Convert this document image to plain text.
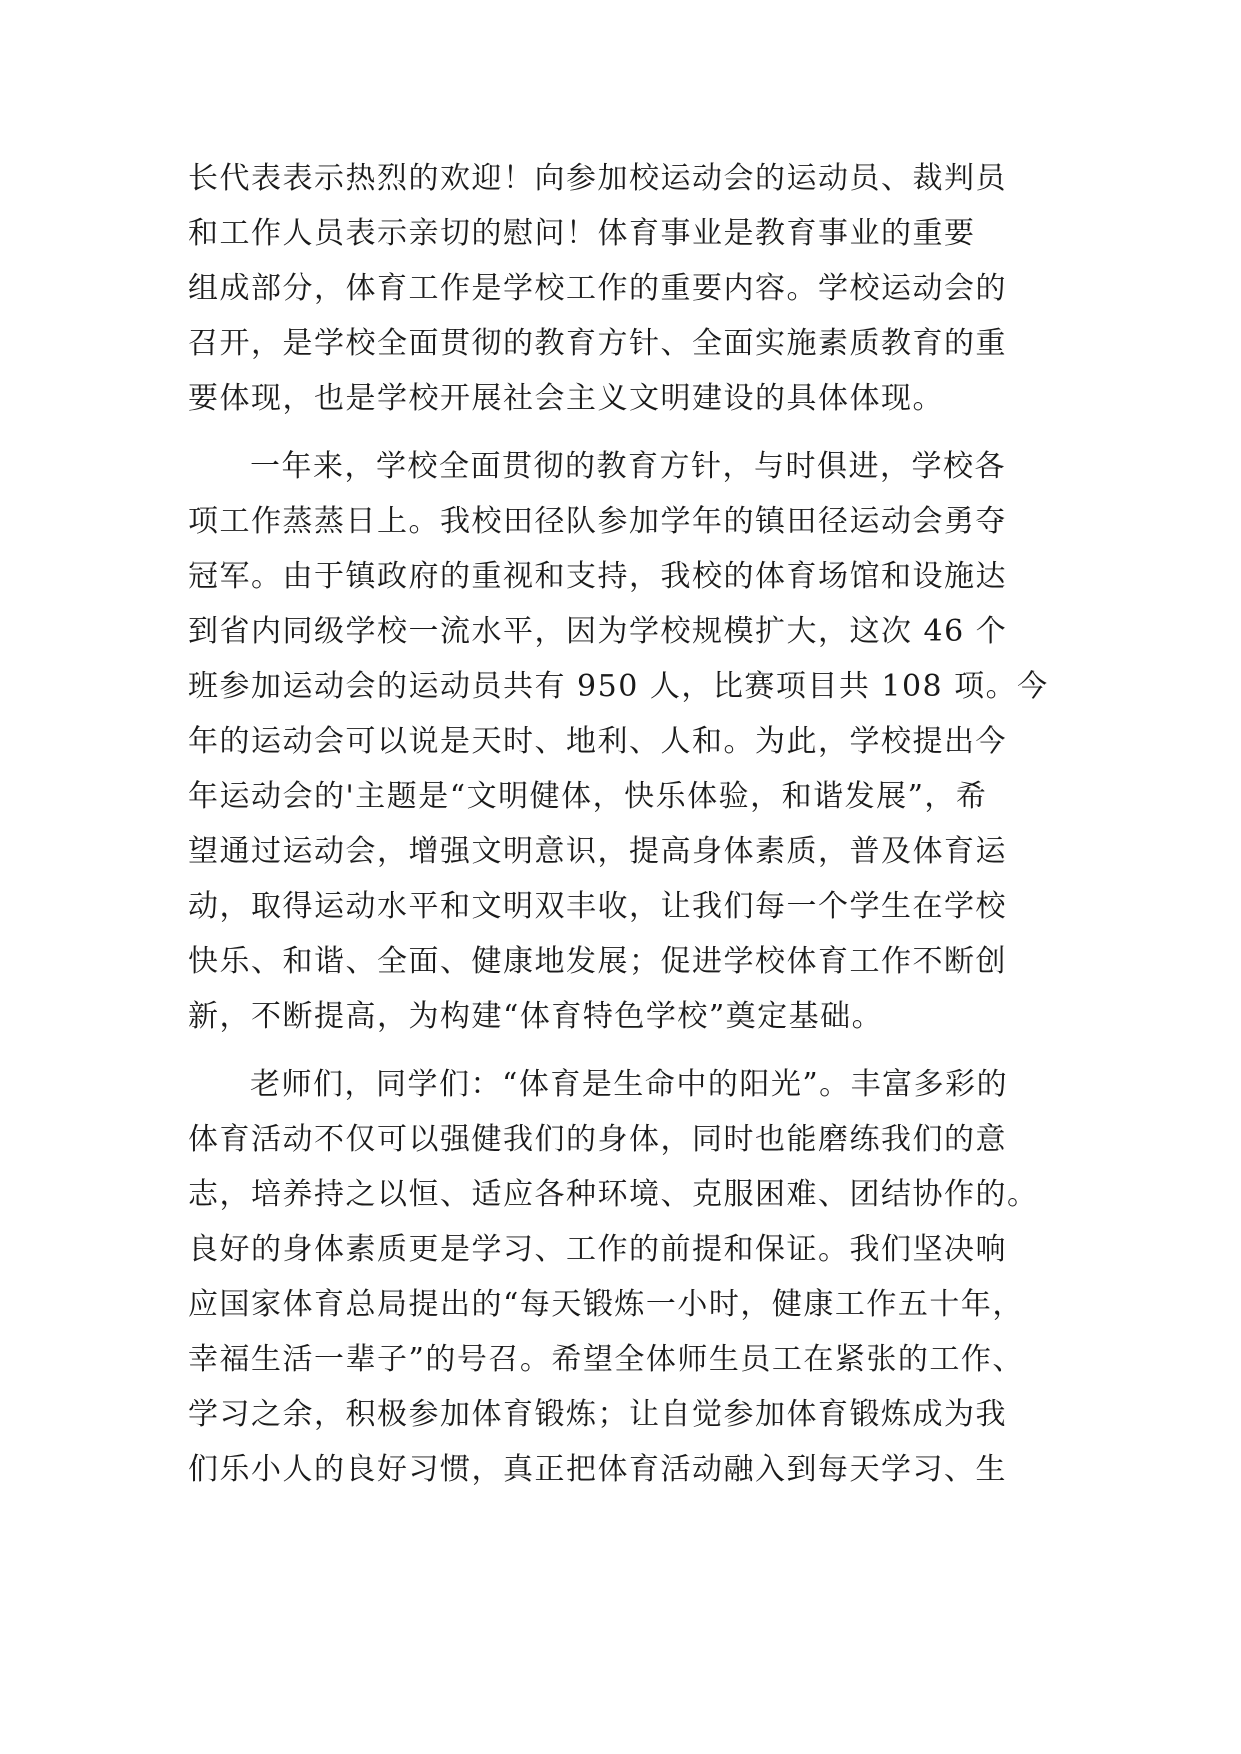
长代表表示热烈的欢迎！向参加校运动会的运动员、裁判员
和工作人员表示亲切的慰问！体育事业是教育事业的重要
组成部分，体育工作是学校工作的重要内容。学校运动会的
召开，是学校全面贯彻的教育方针、全面实施素质教育的重
要体现，也是学校开展社会主义文明建设的具体体现。
一年来，学校全面贯彻的教育方针，与时俱进，学校各
项工作蒸蒸日上。我校田径队参加学年的镇田径运动会勇夺
冠军。由于镇政府的重视和支持，我校的体育场馆和设施达
到省内同级学校一流水平，因为学校规模扩大，这次 46 个
班参加运动会的运动员共有 950 人，比赛项目共 108 项。今
年的运动会可以说是天时、地利、人和。为此，学校提出今
年运动会的'主题是“文明健体，快乐体验，和谐发展”，希
望通过运动会，增强文明意识，提高身体素质，普及体育运
动，取得运动水平和文明双丰收，让我们每一个学生在学校
快乐、和谐、全面、健康地发展；促进学校体育工作不断创
新，不断提高，为构建“体育特色学校”奠定基础。
老师们，同学们：“体育是生命中的阳光”。丰富多彩的
体育活动不仅可以强健我们的身体，同时也能磨练我们的意
志，培养持之以恒、适应各种环境、克服困难、团结协作的。
良好的身体素质更是学习、工作的前提和保证。我们坚决响
应国家体育总局提出的“每天锻炼一小时，健康工作五十年，
幸福生活一辈子”的号召。希望全体师生员工在紧张的工作、
学习之余，积极参加体育锻炼；让自觉参加体育锻炼成为我
们乐小人的良好习惯，真正把体育活动融入到每天学习、生
